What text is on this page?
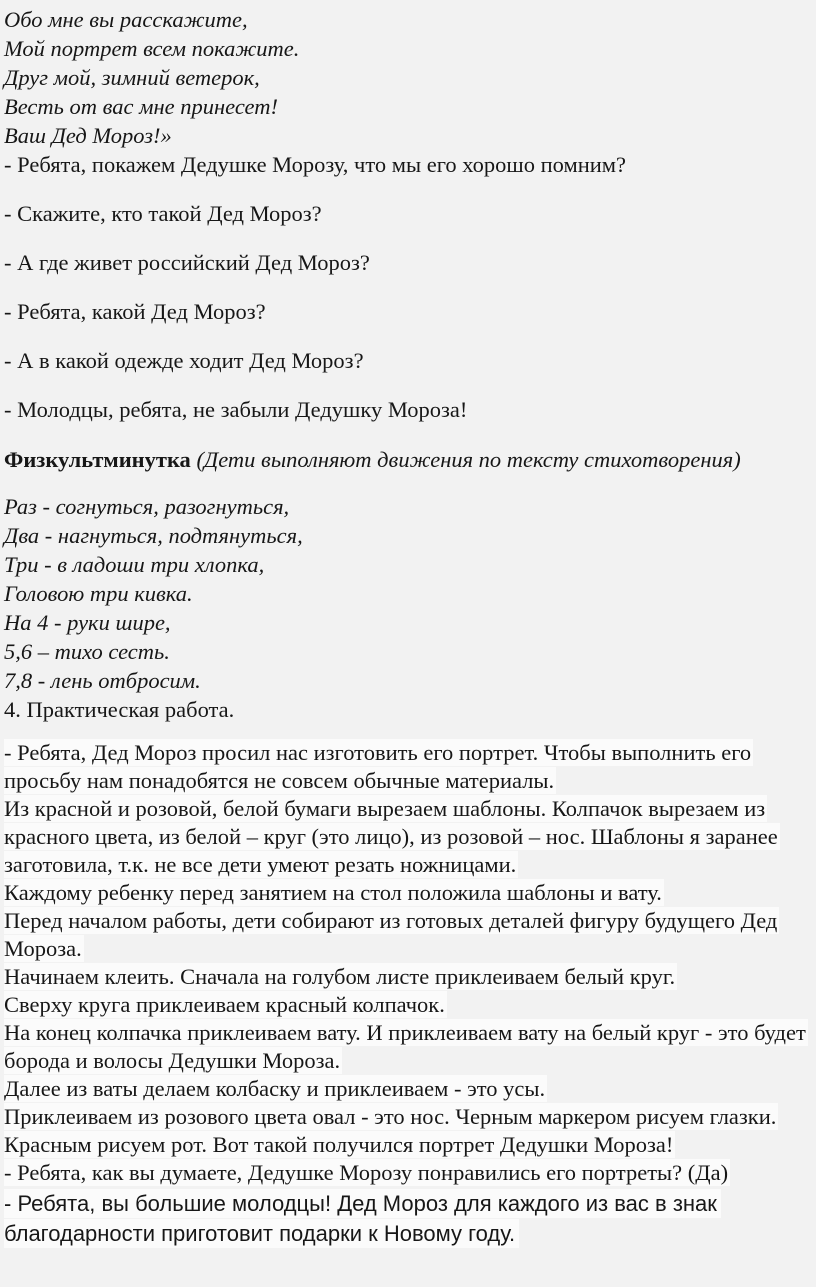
Обо мне вы расскажите,
Мой портрет всем покажите.
Друг мой, зимний ветерок,
Весть от вас мне принесет!
Ваш Дед Мороз!»
- Ребята, покажем Дедушке Морозу, что мы его хорошо помним?
- Скажите, кто такой Дед Мороз?
- А где живет российский Дед Мороз?
- Ребята, какой Дед Мороз?
- А в какой одежде ходит Дед Мороз?
- Молодцы, ребята, не забыли Дедушку Мороза!
Физкультминутка (Дети выполняют движения по тексту стихотворения)
Раз - согнуться, разогнуться,
Два - нагнуться, подтянуться,
Три - в ладоши три хлопка,
Головою три кивка.
На 4 - руки шире,
5,6 – тихо сесть.
7,8 - лень отбросим.
4. Практическая работа.

- Ребята, Дед Мороз просил нас изготовить его портрет. Чтобы выполнить его просьбу нам понадобятся не совсем обычные материалы.

Из красной и розовой, белой бумаги вырезаем шаблоны. Колпачок вырезаем из красного цвета, из белой – круг (это лицо), из розовой – нос. Шаблоны я заранее заготовила, т.к. не все дети умеют резать ножницами.

Каждому ребенку перед занятием на стол положила шаблоны и вату.

Перед началом работы, дети собирают из готовых деталей фигуру будущего Дед Мороза.

Начинаем клеить. Сначала на голубом листе приклеиваем белый круг.

Сверху круга приклеиваем красный колпачок.

На конец колпачка приклеиваем вату. И приклеиваем вату на белый круг - это будет борода и волосы Дедушки Мороза.

Далее из ваты делаем колбаску и приклеиваем - это усы.

Приклеиваем из розового цвета овал - это нос. Черным маркером рисуем глазки.

Красным рисуем рот. Вот такой получился портрет Дедушки Мороза!

- Ребята, как вы думаете, Дедушке Морозу понравились его портреты? (Да)

- Ребята, вы большие молодцы! Дед Мороз для каждого из вас в знак благодарности приготовит подарки к Новому году.
